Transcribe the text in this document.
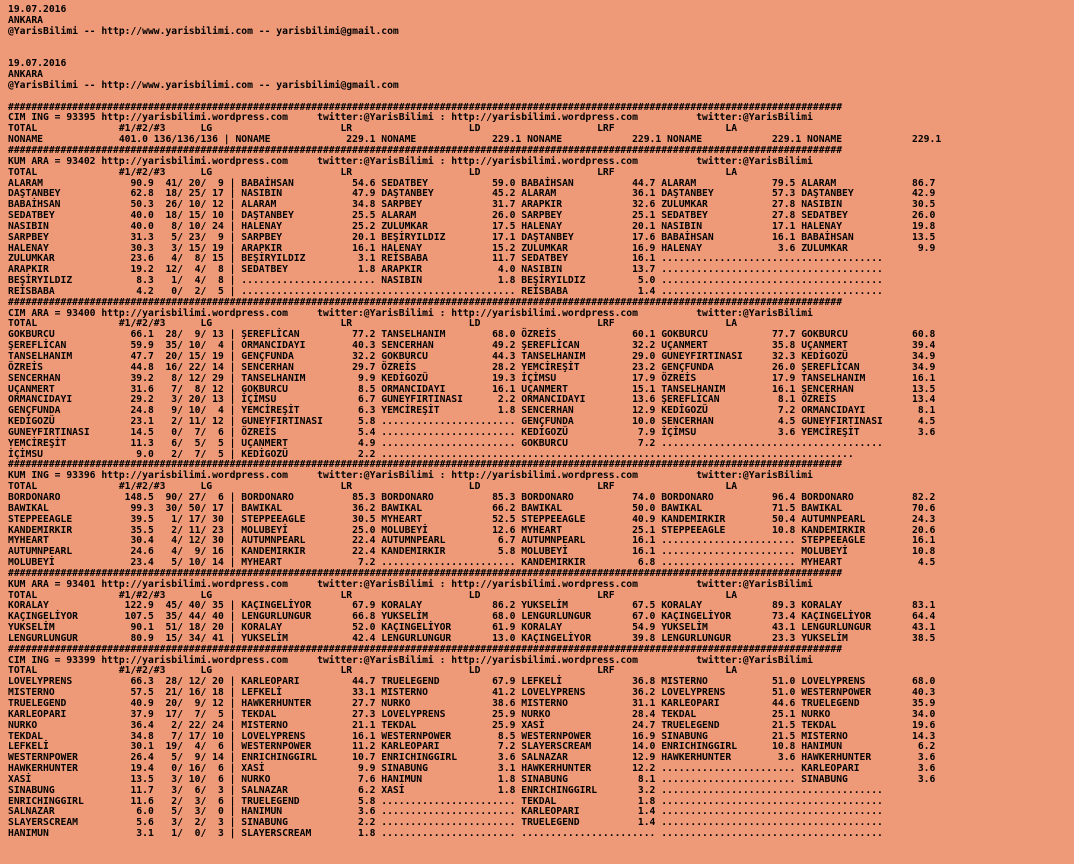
19.07.2016
ANKARA
@YarisBilimi -- http://www.yarisbilimi.com -- yarisbilimi@gmail.com
19.07.2016
ANKARA
@YarisBilimi -- http://www.yarisbilimi.com -- yarisbilimi@gmail.com
###############################################################################################################################################
CIM ING = 93395 http://yarisbilimi.wordpress.com     twitter:@YarisBilimi : http://yarisbilimi.wordpress.com          twitter:@YarisBilimi
TOTAL              #1/#2/#3      LG                      LR                    LD                    LRF                   LA
NONAME             401.0 136/136/136 | NONAME             229.1 NONAME             229.1 NONAME            229.1 NONAME            229.1 NONAME            229.1
###############################################################################################################################################
KUM ARA = 93402 http://yarisbilimi.wordpress.com     twitter:@YarisBilimi : http://yarisbilimi.wordpress.com          twitter:@YarisBilimi
TOTAL              #1/#2/#3      LG                      LR                    LD                    LRF                   LA
ALARAM               90.9  41/ 20/  9 | BABAİHSAN          54.6 SEDATBEY           59.0 BABAİHSAN          44.7 ALARAM             79.5 ALARAM             86.7
DAŞTANBEY            62.8  18/ 25/ 17 | NASIBIN            47.9 DAŞTANBEY          45.2 ALARAM             36.1 DAŞTANBEY          57.3 DAŞTANBEY          42.9
BABAİHSAN            50.3  26/ 10/ 12 | ALARAM             34.8 SARPBEY            31.7 ARAPKIR            32.6 ZULUMKAR           27.8 NASIBIN            30.5
SEDATBEY             40.0  18/ 15/ 10 | DAŞTANBEY          25.5 ALARAM             26.0 SARPBEY            25.1 SEDATBEY           27.8 SEDATBEY           26.0
NASIBIN              40.0   8/ 10/ 24 | HALENAY            25.2 ZULUMKAR           17.5 HALENAY            20.1 NASIBIN            17.1 HALENAY            19.8
SARPBEY              31.3   5/ 23/  9 | SARPBEY            20.1 BEŞİRYILDIZ        17.1 DAŞTANBEY          17.6 BABAİHSAN          16.1 BABAİHSAN          13.5
HALENAY              30.3   3/ 15/ 19 | ARAPKIR            16.1 HALENAY            15.2 ZULUMKAR           16.9 HALENAY             3.6 ZULUMKAR            9.9
ZULUMKAR             23.6   4/  8/ 15 | BEŞİRYILDIZ         3.1 REİSBABA           11.7 SEDATBEY           16.1 ......................................
ARAPKIR              19.2  12/  4/  8 | SEDATBEY            1.8 ARAPKIR             4.0 NASIBIN            13.7 ......................................
BEŞİRYILDIZ           8.3   1/  4/  8 | ....................... NASIBIN             1.8 BEŞİRYILDIZ         5.0 ......................................
REİSBABA              4.2   0/  2/  5 | ............................................... REİSBABA            1.4 ......................................
###############################################################################################################################################
CIM ARA = 93400 http://yarisbilimi.wordpress.com     twitter:@YarisBilimi : http://yarisbilimi.wordpress.com          twitter:@YarisBilimi
TOTAL              #1/#2/#3      LG                      LR                    LD                    LRF                   LA
GOKBURCU             66.1  28/  9/ 13 | ŞEREFLİCAN         77.2 TANSELHANIM        68.0 ÖZREİS             60.1 GOKBURCU           77.7 GOKBURCU           60.8
ŞEREFLİCAN           59.9  35/ 10/  4 | ORMANCIDAYI        40.3 SENCERHAN          49.2 ŞEREFLİCAN         32.2 UÇANMERT           35.8 UÇANMERT           39.4
TANSELHANIM          47.7  20/ 15/ 19 | GENÇFUNDA          32.2 GOKBURCU           44.3 TANSELHANIM        29.0 GUNEYFIRTINASI     32.3 KEDİGOZÜ           34.9
ÖZREİS               44.8  16/ 22/ 14 | SENCERHAN          29.7 ÖZREİS             28.2 YEMCİREŞİT         23.2 GENÇFUNDA          26.0 ŞEREFLİCAN         34.9
SENCERHAN            39.2   8/ 12/ 29 | TANSELHANIM         9.9 KEDİGOZÜ           19.3 İÇİMSU             17.9 ÖZREİS             17.9 TANSELHANIM        16.1
UÇANMERT             31.6   7/  8/ 12 | GOKBURCU            8.5 ORMANCIDAYI        16.1 UÇANMERT           15.1 TANSELHANIM        16.1 SENCERHAN          13.5
ORMANCIDAYI          29.2   3/ 20/ 13 | İÇİMSU              6.7 GUNEYFIRTINASI      2.2 ORMANCIDAYI        13.6 ŞEREFLİCAN          8.1 ÖZREİS             13.4
GENÇFUNDA            24.8   9/ 10/  4 | YEMCİREŞİT          6.3 YEMCİREŞİT          1.8 SENCERHAN          12.9 KEDİGOZÜ            7.2 ORMANCIDAYI         8.1
KEDİGOZÜ             23.1   2/ 11/ 12 | GUNEYFIRTINASI      5.8 ....................... GENÇFUNDA          10.0 SENCERHAN           4.5 GUNEYFIRTINASI      4.5
GUNEYFIRTINASI       14.5   0/  7/  6 | ÖZREİS              5.4 ....................... KEDİGOZÜ            7.9 İÇİMSU              3.6 YEMCİREŞİT          3.6
YEMCİREŞİT           11.3   6/  5/  5 | UÇANMERT            4.9 ....................... GOKBURCU            7.2 ......................................
İÇİMSU                9.0   2/  7/  5 | KEDİGOZÜ            2.2 .................................................................................
###############################################################################################################################################
KUM ING = 93396 http://yarisbilimi.wordpress.com     twitter:@YarisBilimi : http://yarisbilimi.wordpress.com          twitter:@YarisBilimi
TOTAL              #1/#2/#3      LG                      LR                    LD                    LRF                   LA
BORDONARO           148.5  90/ 27/  6 | BORDONARO          85.3 BORDONARO          85.3 BORDONARO          74.0 BORDONARO          96.4 BORDONARO          82.2
BAWIKAL              99.3  30/ 50/ 17 | BAWIKAL            36.2 BAWIKAL            66.2 BAWIKAL            50.0 BAWIKAL            71.5 BAWIKAL            70.6
STEPPEEAGLE          39.5   1/ 17/ 30 | STEPPEEAGLE        30.5 MYHEART            52.5 STEPPEEAGLE        40.9 KANDEMIRKIR        50.4 AUTUMNPEARL        24.3
KANDEMIRKIR          35.5   2/ 11/ 23 | MOLUBEYİ           25.0 MOLUBEYİ           12.6 MYHEART            25.1 STEPPEEAGLE        10.8 KANDEMIRKIR        20.6
MYHEART              30.4   4/ 12/ 30 | AUTUMNPEARL        22.4 AUTUMNPEARL         6.7 AUTUMNPEARL        16.1 ....................... STEPPEEAGLE        16.1
AUTUMNPEARL          24.6   4/  9/ 16 | KANDEMIRKIR        22.4 KANDEMIRKIR         5.8 MOLUBEYİ           16.1 ....................... MOLUBEYİ           10.8
MOLUBEYİ             23.4   5/ 10/ 14 | MYHEART             7.2 ....................... KANDEMIRKIR         6.8 ....................... MYHEART             4.5
###############################################################################################################################################
KUM ARA = 93401 http://yarisbilimi.wordpress.com     twitter:@YarisBilimi : http://yarisbilimi.wordpress.com          twitter:@YarisBilimi
TOTAL              #1/#2/#3      LG                      LR                    LD                    LRF                   LA
KORALAY             122.9  45/ 40/ 35 | KAÇINGELİYOR       67.9 KORALAY            86.2 YUKSELİM           67.5 KORALAY            89.3 KORALAY            83.1
KAÇINGELİYOR        107.5  35/ 44/ 40 | LENGURLUNGUR       66.8 YUKSELİM           68.0 LENGURLUNGUR       67.0 KAÇINGELİYOR       73.4 KAÇINGELİYOR       64.4
YUKSELİM             90.1  51/ 18/ 20 | KORALAY            52.0 KAÇINGELİYOR       61.9 KORALAY            54.9 YUKSELİM           43.1 LENGURLUNGUR       43.1
LENGURLUNGUR         80.9  15/ 34/ 41 | YUKSELİM           42.4 LENGURLUNGUR       13.0 KAÇINGELİYOR       39.8 LENGURLUNGUR       23.3 YUKSELİM           38.5
###############################################################################################################################################
CIM ING = 93399 http://yarisbilimi.wordpress.com     twitter:@YarisBilimi : http://yarisbilimi.wordpress.com          twitter:@YarisBilimi
TOTAL              #1/#2/#3      LG                      LR                    LD                    LRF                   LA
LOVELYPRENS          66.3  28/ 12/ 20 | KARLEOPARI         44.7 TRUELEGEND         67.9 LEFKELİ            36.8 MISTERNO           51.0 LOVELYPRENS        68.0
MISTERNO             57.5  21/ 16/ 18 | LEFKELİ            33.1 MISTERNO           41.2 LOVELYPRENS        36.2 LOVELYPRENS        51.0 WESTERNPOWER       40.3
TRUELEGEND           40.9  20/  9/ 12 | HAWKERHUNTER       27.7 NURKO              38.6 MISTERNO           31.1 KARLEOPARI         44.6 TRUELEGEND         35.9
KARLEOPARI           37.9  17/  7/  5 | TEKDAL             27.3 LOVELYPRENS        25.9 NURKO              28.4 TEKDAL             25.1 NURKO              34.0
NURKO                36.4   2/ 22/ 24 | MISTERNO           21.1 TEKDAL             25.9 XASİ               24.7 TRUELEGEND         21.5 TEKDAL             19.6
TEKDAL               34.8   7/ 17/ 10 | LOVELYPRENS        16.1 WESTERNPOWER        8.5 WESTERNPOWER       16.9 SINABUNG           21.5 MISTERNO           14.3
LEFKELİ              30.1  19/  4/  6 | WESTERNPOWER       11.2 KARLEOPARI          7.2 SLAYERSCREAM       14.0 ENRICHINGGIRL      10.8 HANIMUN             6.2
WESTERNPOWER         26.4   5/  9/ 14 | ENRICHINGGIRL      10.7 ENRICHINGGIRL       3.6 SALNAZAR           12.9 HAWKERHUNTER        3.6 HAWKERHUNTER        3.6
HAWKERHUNTER         19.4   0/ 16/  6 | XASİ                9.9 SINABUNG            3.1 HAWKERHUNTER       12.2 ....................... KARLEOPARI          3.6
XASİ                 13.5   3/ 10/  6 | NURKO               7.6 HANIMUN             1.8 SINABUNG            8.1 ....................... SINABUNG            3.6
SINABUNG             11.7   3/  6/  3 | SALNAZAR            6.2 XASİ                1.8 ENRICHINGGIRL       3.2 ......................................
ENRICHINGGIRL        11.6   2/  3/  6 | TRUELEGEND          5.8 ....................... TEKDAL              1.8 ......................................
SALNAZAR              6.0   5/  3/  0 | HANIMUN             3.6 ....................... KARLEOPARI          1.4 ......................................
SLAYERSCREAM          5.6   3/  2/  3 | SINABUNG            2.2 ....................... TRUELEGEND          1.4 ......................................
HANIMUN               3.1   1/  0/  3 | SLAYERSCREAM        1.8 ....................... ....................... ......................................
